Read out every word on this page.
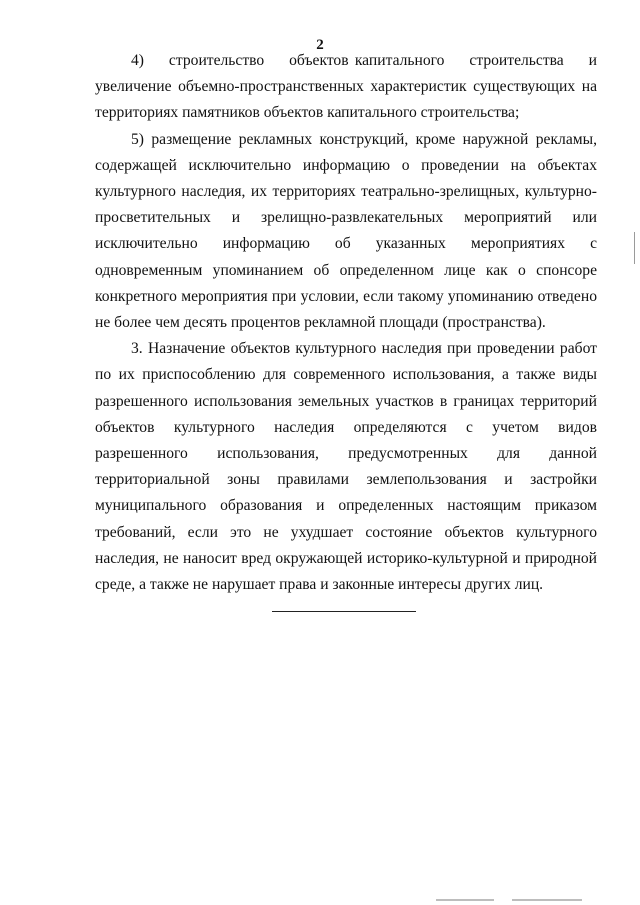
2

4)    строительство    объектов капитального    строительства    и увеличение объемно-пространственных характеристик существующих на территориях памятников объектов капитального строительства;

5) размещение рекламных конструкций, кроме наружной рекламы, содержащей исключительно информацию о проведении на объектах культурного наследия, их территориях театрально-зрелищных, культурно-просветительных и зрелищно-развлекательных мероприятий или исключительно информацию об указанных мероприятиях с одновременным упоминанием об определенном лице как о спонсоре конкретного мероприятия при условии, если такому упоминанию отведено не более чем десять процентов рекламной площади (пространства).

3. Назначение объектов культурного наследия при проведении работ по их приспособлению для современного использования, а также виды разрешенного использования земельных участков в границах территорий объектов культурного наследия определяются с учетом видов разрешенного использования, предусмотренных для данной территориальной зоны правилами землепользования и застройки муниципального образования и определенных настоящим приказом требований, если это не ухудшает состояние объектов культурного наследия, не наносит вред окружающей историко-культурной и природной среде, а также не нарушает права и законные интересы других лиц.
